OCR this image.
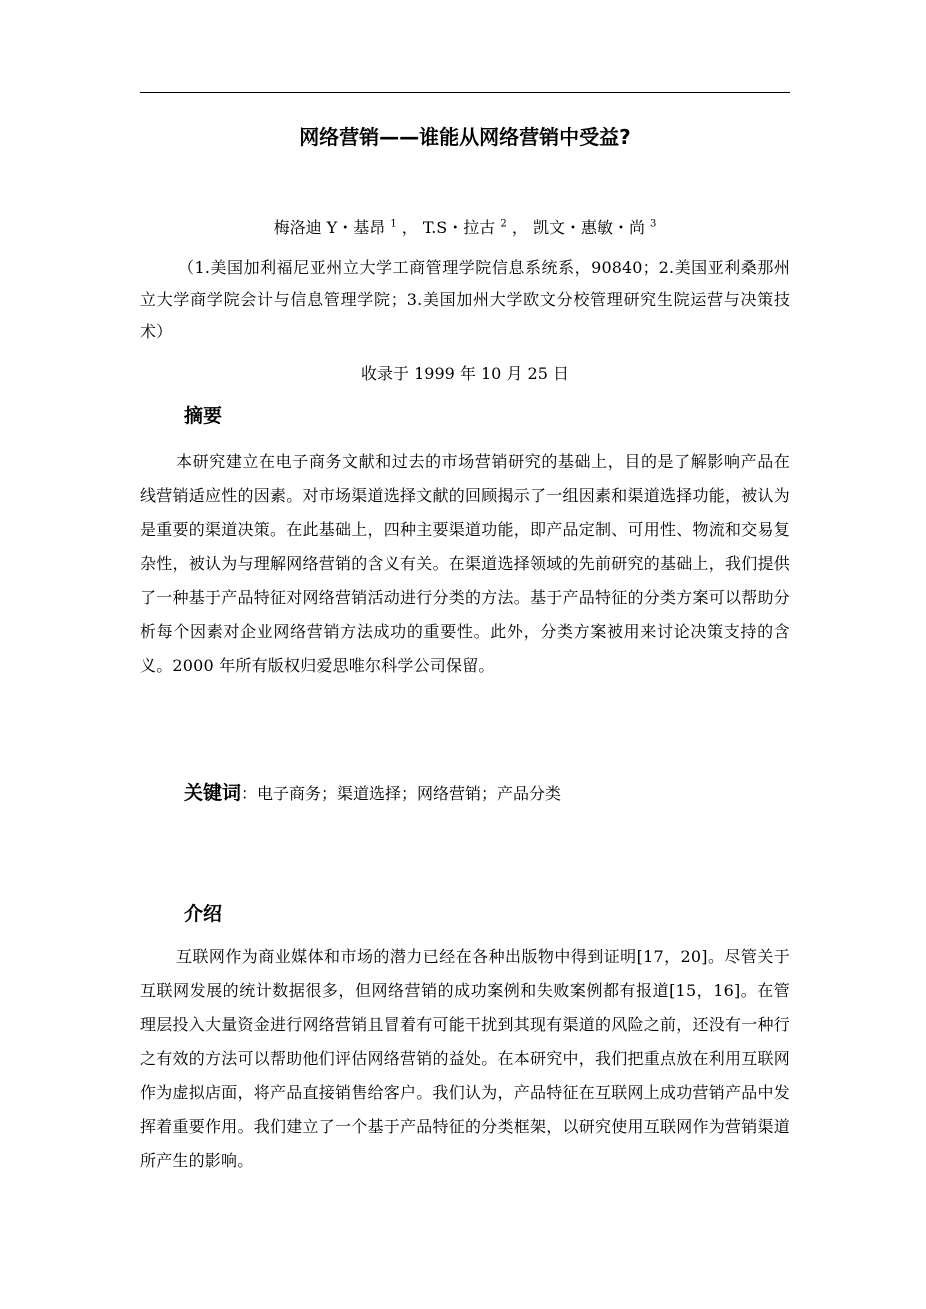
网络营销——谁能从网络营销中受益?
梅洛迪 Y・基昂 $^1$ ， T.S・拉古 $^2$ ， 凯文・惠敏・尚 $^3$
（1.美国加利福尼亚州立大学工商管理学院信息系统系，90840；2.美国亚利桑那州立大学商学院会计与信息管理学院；3.美国加州大学欧文分校管理研究生院运营与决策技术）
收录于 1999 年 10 月 25 日
摘要
本研究建立在电子商务文献和过去的市场营销研究的基础上，目的是了解影响产品在线营销适应性的因素。对市场渠道选择文献的回顾揭示了一组因素和渠道选择功能，被认为是重要的渠道决策。在此基础上，四种主要渠道功能，即产品定制、可用性、物流和交易复杂性，被认为与理解网络营销的含义有关。在渠道选择领域的先前研究的基础上，我们提供了一种基于产品特征对网络营销活动进行分类的方法。基于产品特征的分类方案可以帮助分析每个因素对企业网络营销方法成功的重要性。此外，分类方案被用来讨论决策支持的含义。2000 年所有版权归爱思唯尔科学公司保留。
关键词：电子商务；渠道选择；网络营销；产品分类
介绍
互联网作为商业媒体和市场的潜力已经在各种出版物中得到证明[17，20]。尽管关于互联网发展的统计数据很多，但网络营销的成功案例和失败案例都有报道[15，16]。在管理层投入大量资金进行网络营销且冒着有可能干扰到其现有渠道的风险之前，还没有一种行之有效的方法可以帮助他们评估网络营销的益处。在本研究中，我们把重点放在利用互联网作为虚拟店面，将产品直接销售给客户。我们认为，产品特征在互联网上成功营销产品中发挥着重要作用。我们建立了一个基于产品特征的分类框架，以研究使用互联网作为营销渠道所产生的影响。
